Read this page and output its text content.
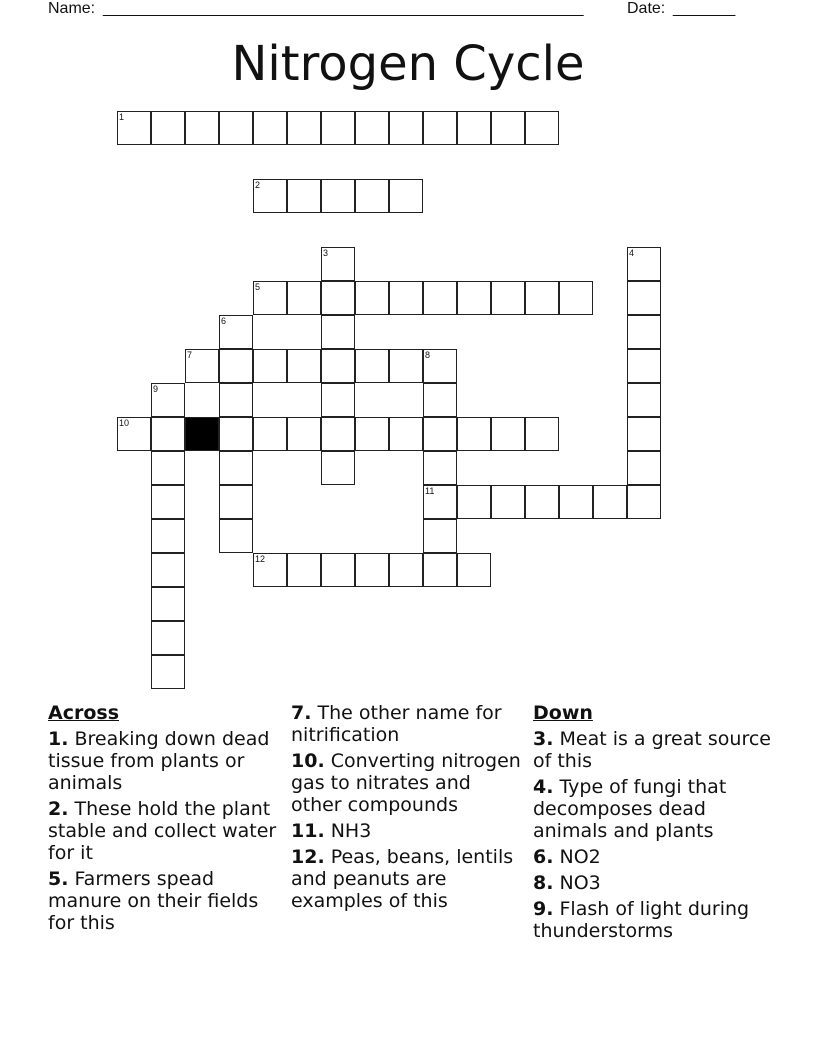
Name: ______________________________________________________	Date: _______
Nitrogen Cycle
1
2
3	4
5
6
7	8
11
9
10
12
Across
1. Breaking down dead tissue from plants or animals
2. These hold the plant stable and collect water for it
5. Farmers spead manure on their fields for this
7. The other name for nitrification
10. Converting nitrogen gas to nitrates and other compounds
11. NH3
12. Peas, beans, lentils and peanuts are examples of this
Down
3. Meat is a great source of this
4. Type of fungi that decomposes dead animals and plants
6. NO2
8. NO3
9. Flash of light during thunderstorms
